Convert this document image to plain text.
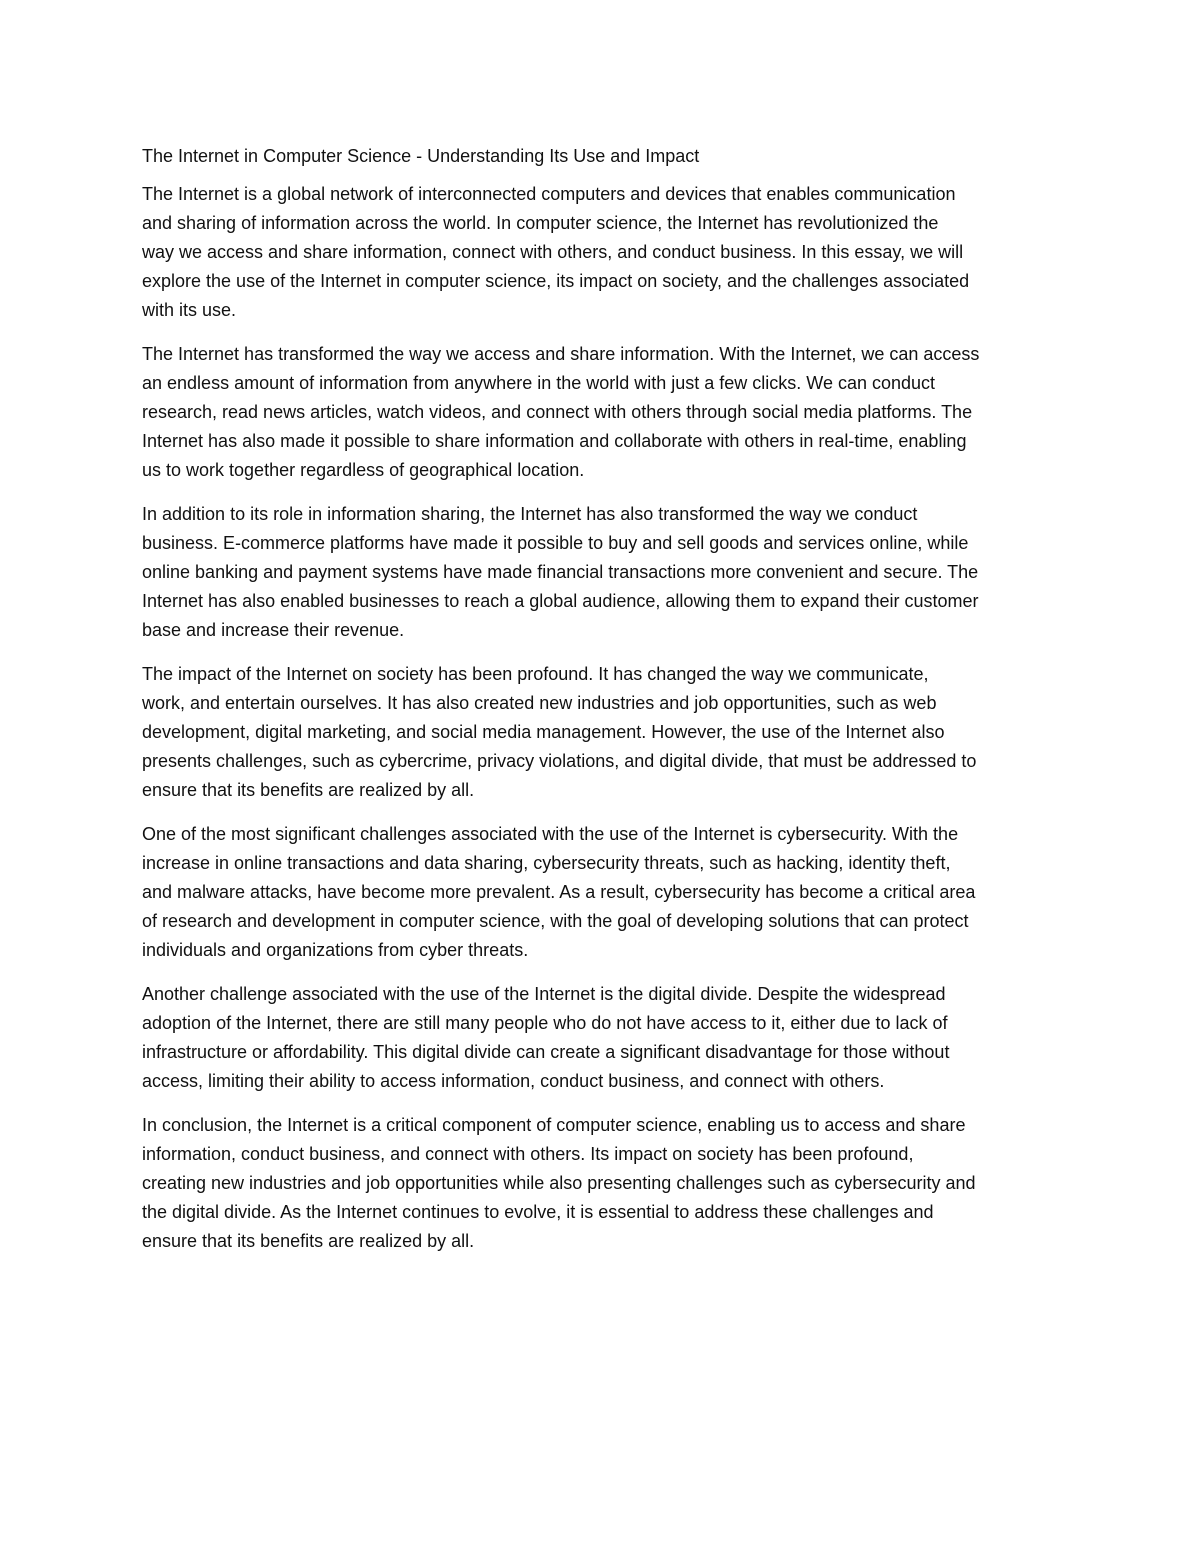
The Internet in Computer Science - Understanding Its Use and Impact

The Internet is a global network of interconnected computers and devices that enables communication
and sharing of information across the world. In computer science, the Internet has revolutionized the
way we access and share information, connect with others, and conduct business. In this essay, we will
explore the use of the Internet in computer science, its impact on society, and the challenges associated
with its use.

The Internet has transformed the way we access and share information. With the Internet, we can access
an endless amount of information from anywhere in the world with just a few clicks. We can conduct
research, read news articles, watch videos, and connect with others through social media platforms. The
Internet has also made it possible to share information and collaborate with others in real-time, enabling
us to work together regardless of geographical location.

In addition to its role in information sharing, the Internet has also transformed the way we conduct
business. E-commerce platforms have made it possible to buy and sell goods and services online, while
online banking and payment systems have made financial transactions more convenient and secure. The
Internet has also enabled businesses to reach a global audience, allowing them to expand their customer
base and increase their revenue.

The impact of the Internet on society has been profound. It has changed the way we communicate,
work, and entertain ourselves. It has also created new industries and job opportunities, such as web
development, digital marketing, and social media management. However, the use of the Internet also
presents challenges, such as cybercrime, privacy violations, and digital divide, that must be addressed to
ensure that its benefits are realized by all.

One of the most significant challenges associated with the use of the Internet is cybersecurity. With the
increase in online transactions and data sharing, cybersecurity threats, such as hacking, identity theft,
and malware attacks, have become more prevalent. As a result, cybersecurity has become a critical area
of research and development in computer science, with the goal of developing solutions that can protect
individuals and organizations from cyber threats.

Another challenge associated with the use of the Internet is the digital divide. Despite the widespread
adoption of the Internet, there are still many people who do not have access to it, either due to lack of
infrastructure or affordability. This digital divide can create a significant disadvantage for those without
access, limiting their ability to access information, conduct business, and connect with others.

In conclusion, the Internet is a critical component of computer science, enabling us to access and share
information, conduct business, and connect with others. Its impact on society has been profound,
creating new industries and job opportunities while also presenting challenges such as cybersecurity and
the digital divide. As the Internet continues to evolve, it is essential to address these challenges and
ensure that its benefits are realized by all.
